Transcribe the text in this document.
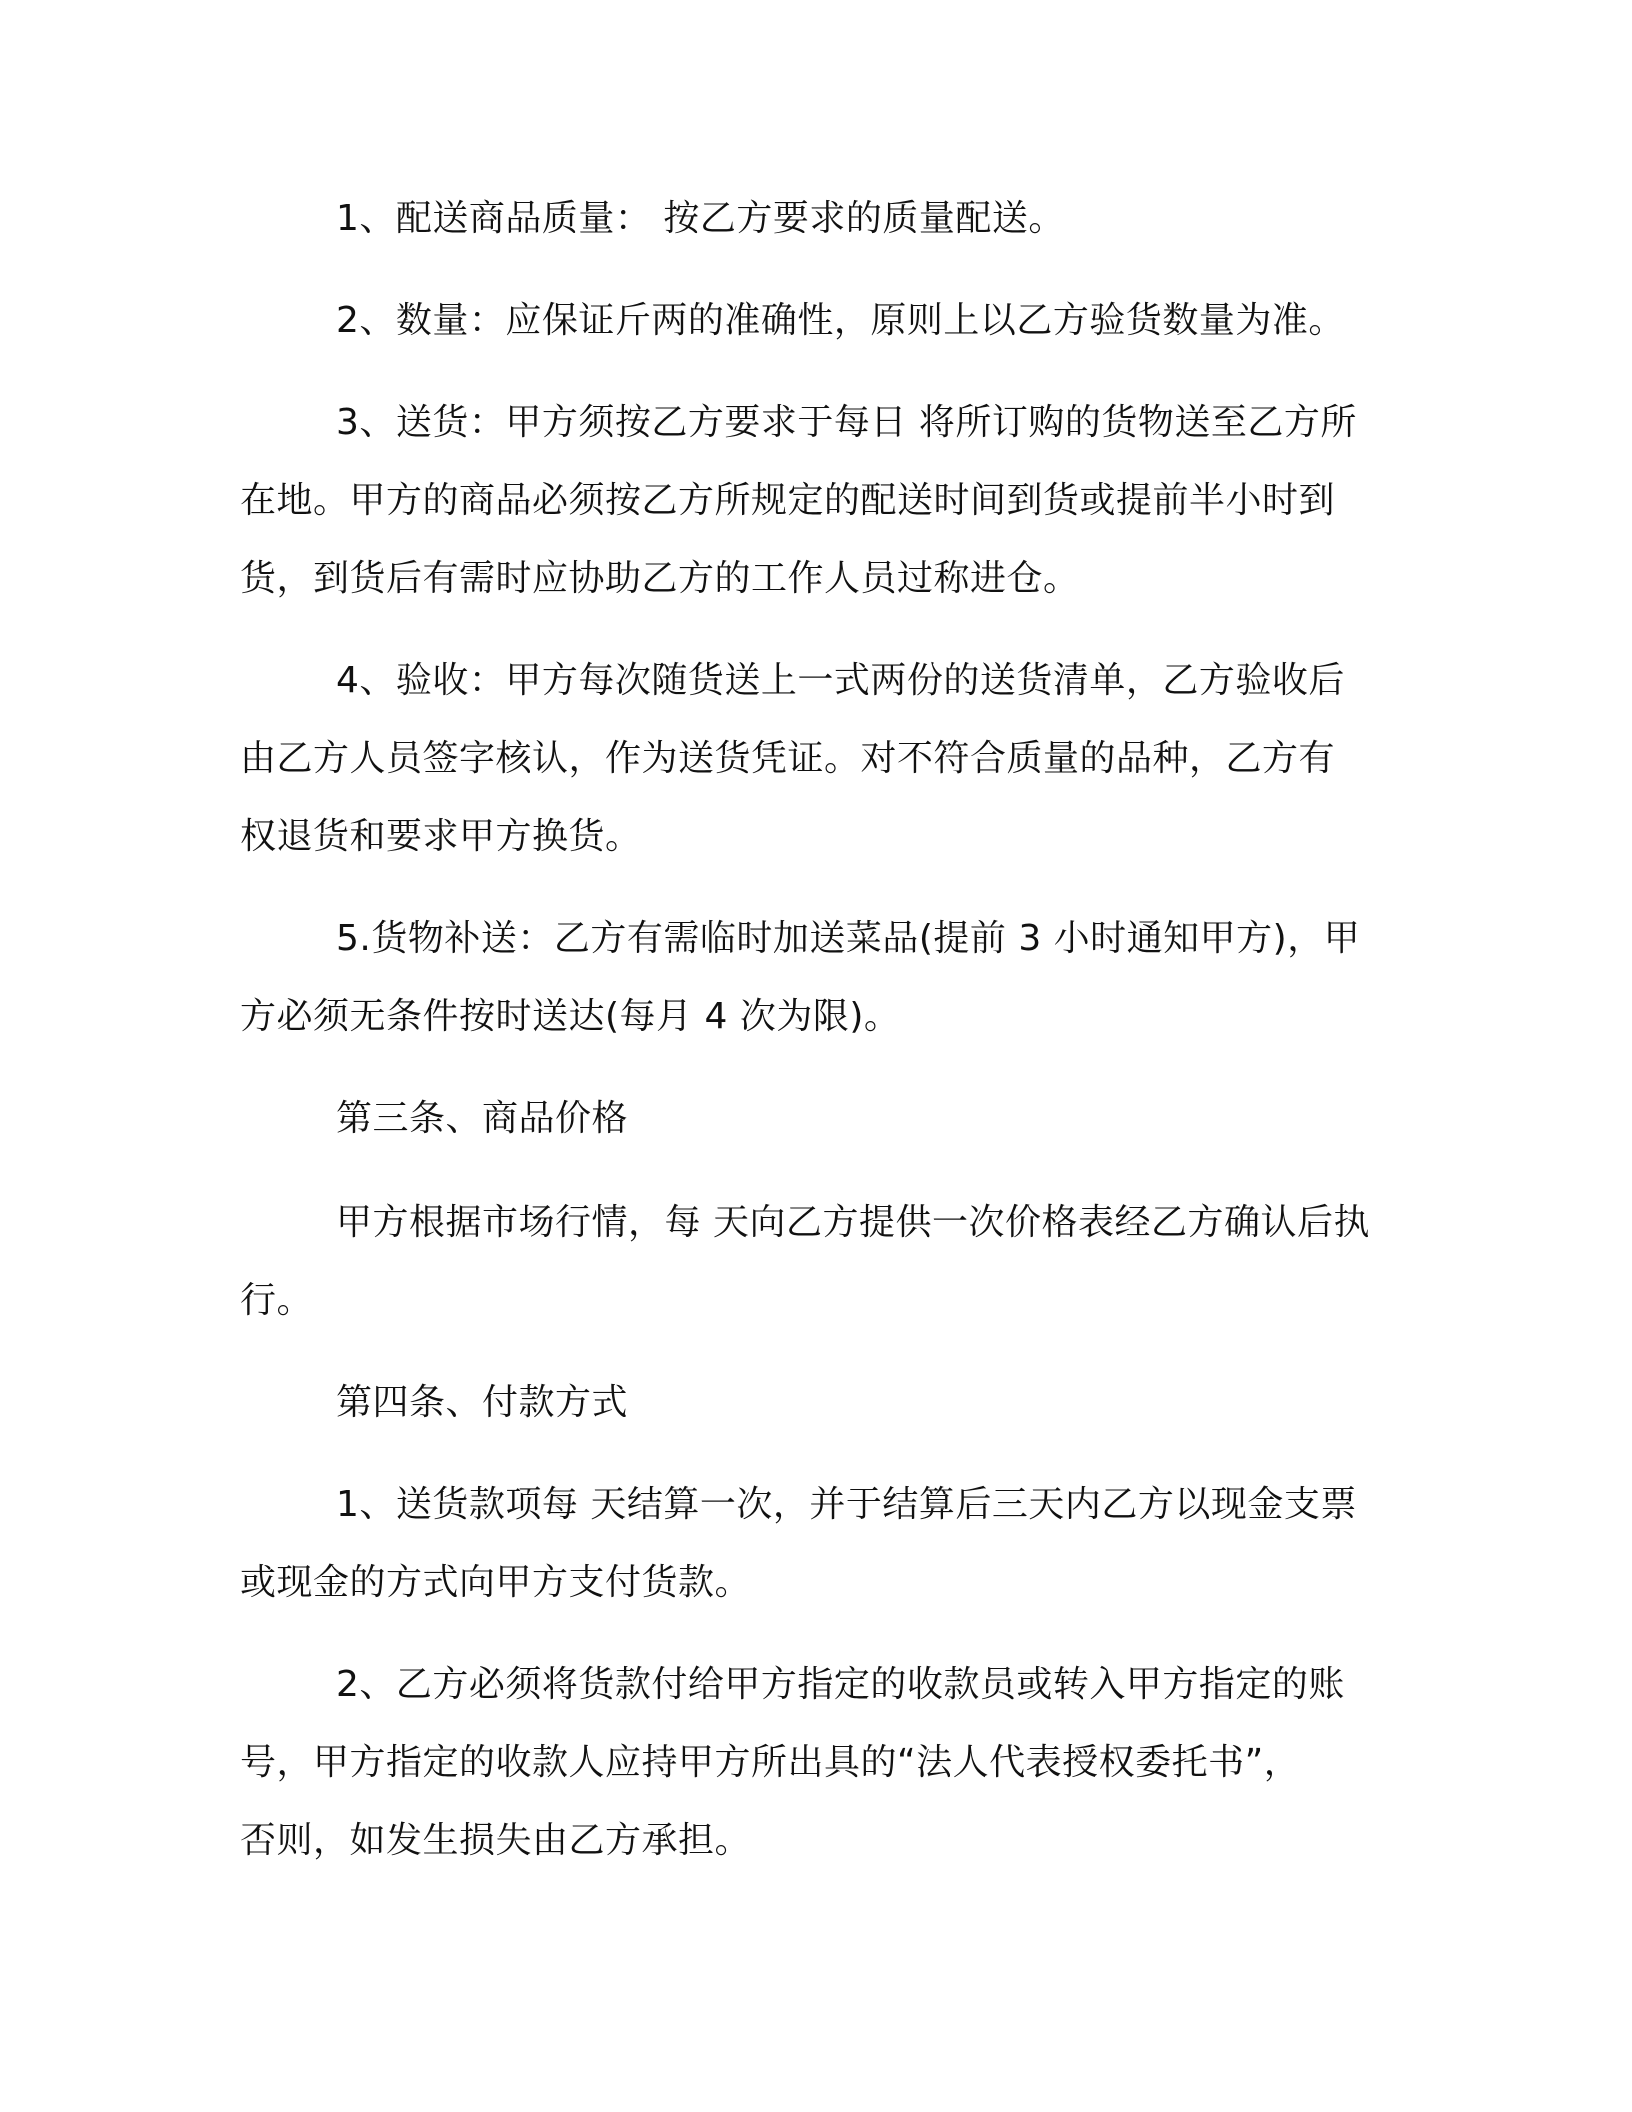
1、配送商品质量： 按乙方要求的质量配送。
2、数量：应保证斤两的准确性，原则上以乙方验货数量为准。
3、送货：甲方须按乙方要求于每日 将所订购的货物送至乙方所
在地。甲方的商品必须按乙方所规定的配送时间到货或提前半小时到
货，到货后有需时应协助乙方的工作人员过称进仓。
4、验收：甲方每次随货送上一式两份的送货清单，乙方验收后
由乙方人员签字核认，作为送货凭证。对不符合质量的品种，乙方有
权退货和要求甲方换货。
5.货物补送：乙方有需临时加送菜品(提前 3 小时通知甲方)，甲
方必须无条件按时送达(每月 4 次为限)。
第三条、商品价格
甲方根据市场行情，每 天向乙方提供一次价格表经乙方确认后执
行。
第四条、付款方式
1、送货款项每 天结算一次，并于结算后三天内乙方以现金支票
或现金的方式向甲方支付货款。
2、乙方必须将货款付给甲方指定的收款员或转入甲方指定的账
号，甲方指定的收款人应持甲方所出具的“法人代表授权委托书”，
否则，如发生损失由乙方承担。
